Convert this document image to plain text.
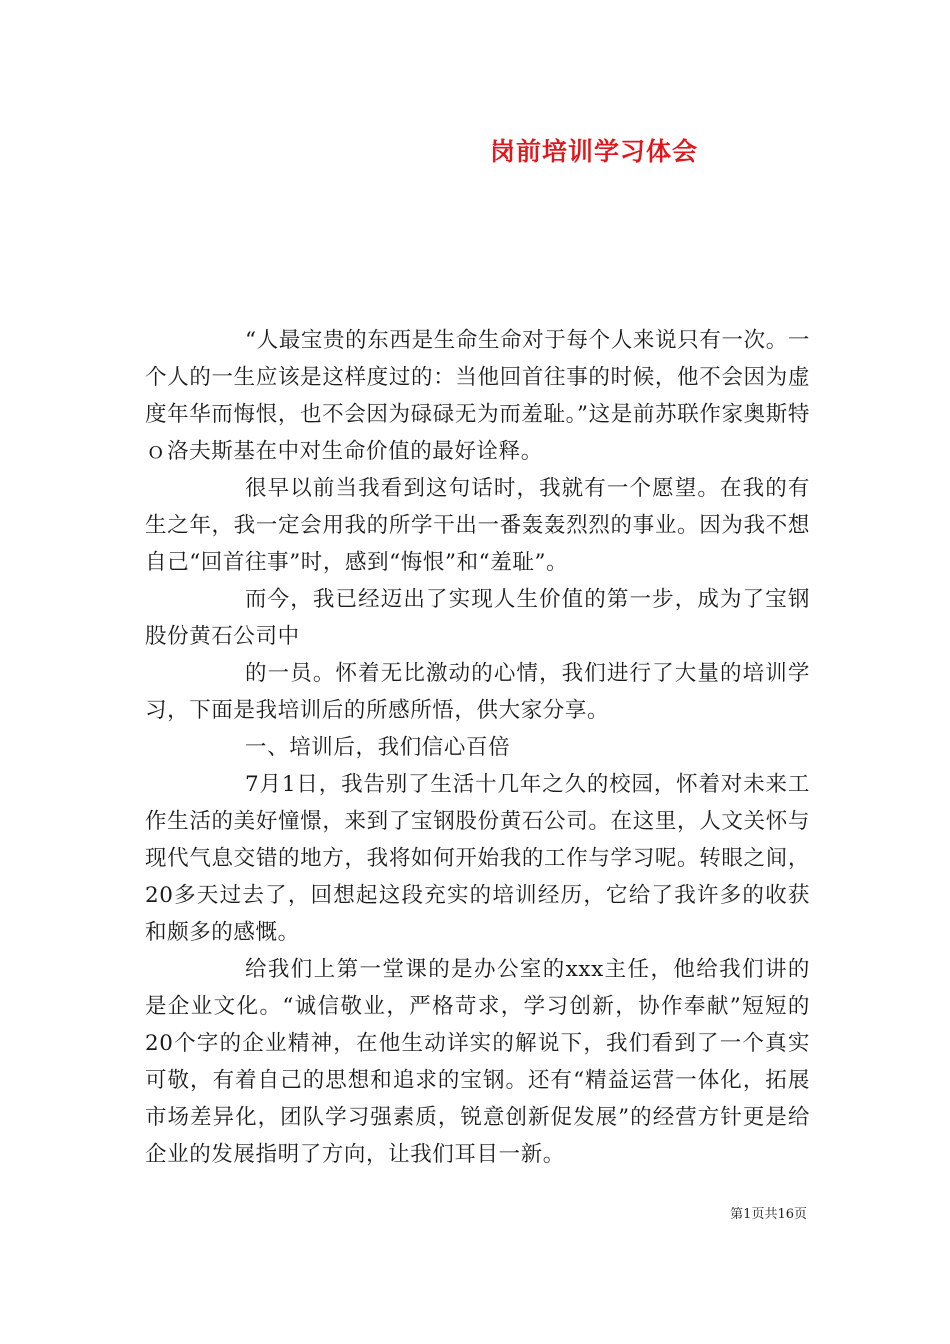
岗前培训学习体会

“人最宝贵的东西是生命生命对于每个人来说只有一次。一个人的一生应该是这样度过的：当他回首往事的时候，他不会因为虚度年华而悔恨，也不会因为碌碌无为而羞耻。”这是前苏联作家奥斯特ｏ洛夫斯基在中对生命价值的最好诠释。

很早以前当我看到这句话时，我就有一个愿望。在我的有生之年，我一定会用我的所学干出一番轰轰烈烈的事业。因为我不想自己“回首往事”时，感到“悔恨”和“羞耻”。

而今，我已经迈出了实现人生价值的第一步，成为了宝钢股份黄石公司中

的一员。怀着无比激动的心情，我们进行了大量的培训学习，下面是我培训后的所感所悟，供大家分享。

一、培训后，我们信心百倍

7月1日，我告别了生活十几年之久的校园，怀着对未来工作生活的美好憧憬，来到了宝钢股份黄石公司。在这里，人文关怀与现代气息交错的地方，我将如何开始我的工作与学习呢。转眼之间，20多天过去了，回想起这段充实的培训经历，它给了我许多的收获和颇多的感慨。

给我们上第一堂课的是办公室的xxx主任，他给我们讲的是企业文化。“诚信敬业，严格苛求，学习创新，协作奉献”短短的20个字的企业精神，在他生动详实的解说下，我们看到了一个真实可敬，有着自己的思想和追求的宝钢。还有“精益运营一体化，拓展市场差异化，团队学习强素质，锐意创新促发展”的经营方针更是给企业的发展指明了方向，让我们耳目一新。

第1页共16页
